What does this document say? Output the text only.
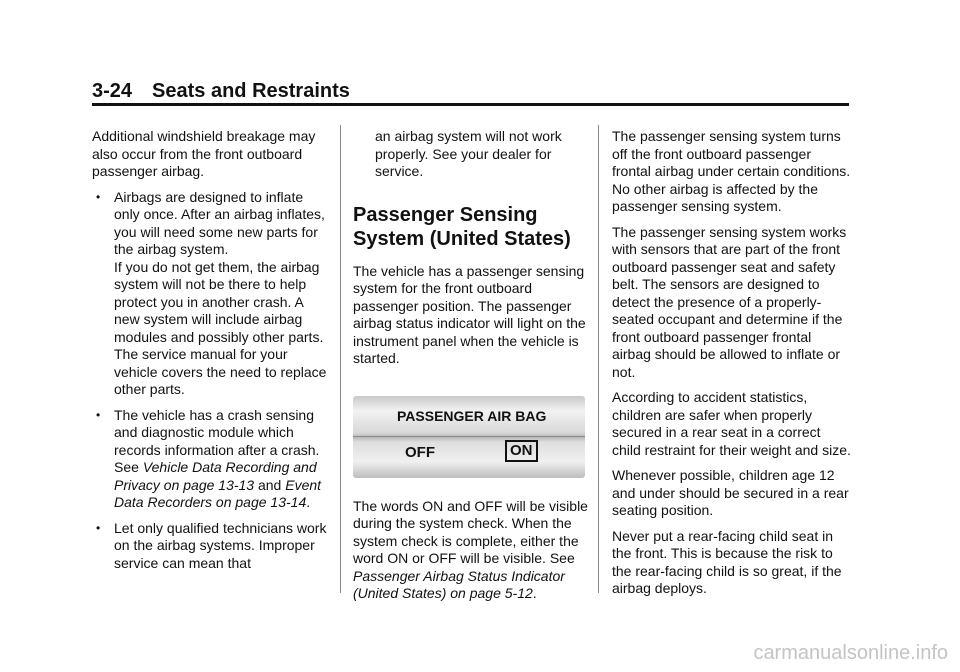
3-24 Seats and Restraints

Additional windshield breakage may also occur from the front outboard passenger airbag.

• Airbags are designed to inflate only once. After an airbag inflates, you will need some new parts for the airbag system.
If you do not get them, the airbag system will not be there to help protect you in another crash. A new system will include airbag modules and possibly other parts. The service manual for your vehicle covers the need to replace other parts.
• The vehicle has a crash sensing and diagnostic module which records information after a crash. See Vehicle Data Recording and Privacy on page 13-13 and Event Data Recorders on page 13-14.
• Let only qualified technicians work on the airbag systems. Improper service can mean that
an airbag system will not work properly. See your dealer for service.
Passenger Sensing System (United States)

The vehicle has a passenger sensing system for the front outboard passenger position. The passenger airbag status indicator will light on the instrument panel when the vehicle is started.

PASSENGER AIR BAG
OFF	ON

The words ON and OFF will be visible during the system check. When the system check is complete, either the word ON or OFF will be visible. See Passenger Airbag Status Indicator (United States) on page 5-12.

The passenger sensing system turns off the front outboard passenger frontal airbag under certain conditions. No other airbag is affected by the passenger sensing system.

The passenger sensing system works with sensors that are part of the front outboard passenger seat and safety belt. The sensors are designed to detect the presence of a properly-seated occupant and determine if the front outboard passenger frontal airbag should be allowed to inflate or not.

According to accident statistics, children are safer when properly secured in a rear seat in a correct child restraint for their weight and size.

Whenever possible, children age 12 and under should be secured in a rear seating position.

Never put a rear-facing child seat in the front. This is because the risk to the rear-facing child is so great, if the airbag deploys.

carmanualsonline.info
